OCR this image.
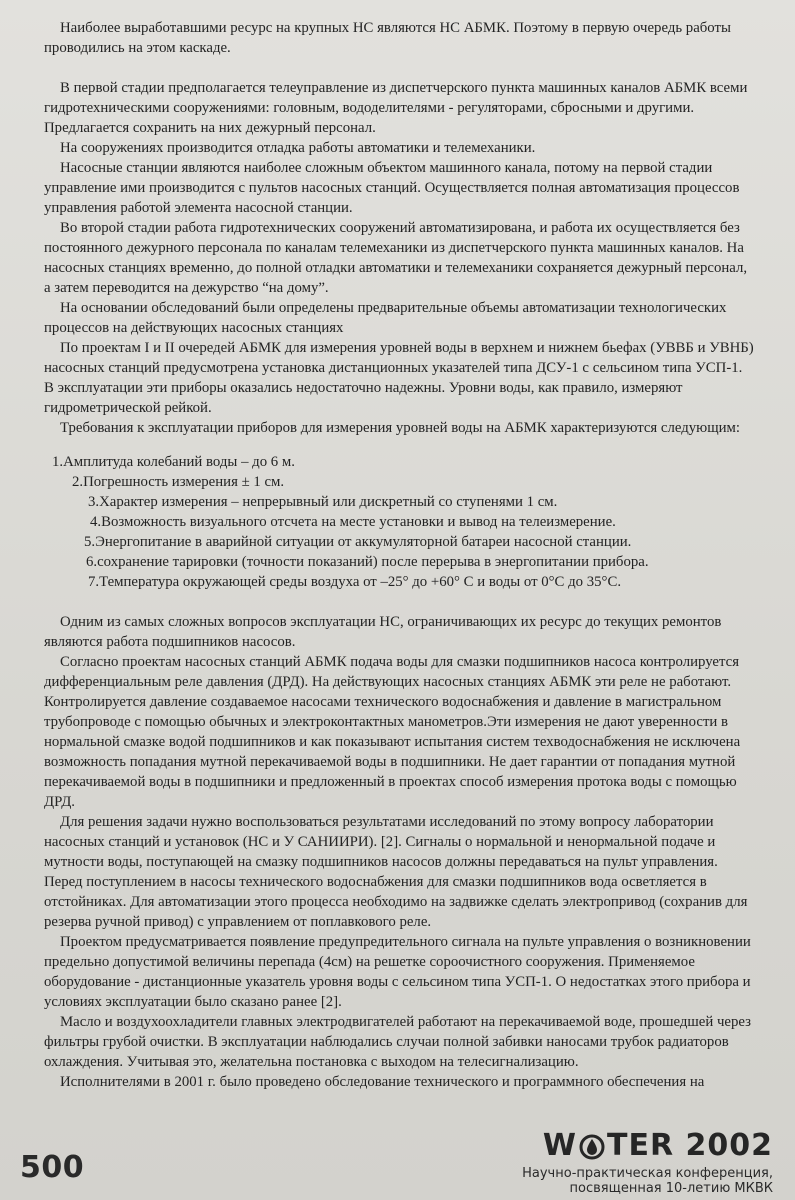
Наиболее выработавшими ресурс на крупных НС являются НС АБМК. Поэтому в первую очередь работы проводились на этом каскаде.

В первой стадии предполагается телеуправление из диспетчерского пункта машинных каналов АБМК всеми гидротехническими сооружениями: головным, вододелителями - регуляторами, сбросными и другими. Предлагается сохранить на них дежурный персонал.

На сооружениях производится отладка работы автоматики и телемеханики.

Насосные станции являются наиболее сложным объектом машинного канала, потому на первой стадии управление ими производится с пультов насосных станций. Осуществляется полная автоматизация процессов управления работой элемента насосной станции.

Во второй стадии работа гидротехнических сооружений автоматизирована, и работа их осуществляется без постоянного дежурного персонала по каналам телемеханики из диспетчерского пункта машинных каналов. На насосных станциях временно, до полной отладки автоматики и телемеханики сохраняется дежурный персонал, а затем переводится на дежурство “на дому”.

На основании обследований были определены предварительные объемы автоматизации технологических процессов на действующих насосных станциях

По проектам I и II очередей АБМК для измерения уровней воды в верхнем и нижнем бьефах (УВВБ и УВНБ) насосных станций предусмотрена установка дистанционных указателей типа ДСУ-1 с сельсином типа УСП-1. В эксплуатации эти приборы оказались недостаточно надежны. Уровни воды, как правило, измеряют гидрометрической рейкой.

Требования к эксплуатации приборов для измерения уровней воды на АБМК характеризуются следующим:

1.Амплитуда колебаний воды – до 6 м.
2.Погрешность измерения ± 1 см.
3.Характер измерения – непрерывный или дискретный со ступенями 1 см.
4.Возможность визуального отсчета на месте установки и вывод на телеизмерение.
5.Энергопитание в аварийной ситуации от аккумуляторной батареи насосной станции.
6.сохранение тарировки (точности показаний) после перерыва в энергопитании прибора.
7.Температура окружающей среды воздуха от –25° до +60° С и воды от 0°С до 35°С.

Одним из самых сложных вопросов эксплуатации НС, ограничивающих их ресурс до текущих ремонтов являются работа подшипников насосов.

Согласно проектам насосных станций АБМК подача воды для смазки подшипников насоса контролируется дифференциальным реле давления (ДРД). На действующих насосных станциях АБМК эти реле не работают. Контролируется давление создаваемое насосами технического водоснабжения и давление в магистральном трубопроводе с помощью обычных и электроконтактных манометров.Эти измерения не дают уверенности в нормальной смазке водой подшипников и как показывают испытания систем техводоснабжения не исключена возможность попадания мутной перекачиваемой воды в подшипники. Не дает гарантии от попадания мутной перекачиваемой воды в подшипники и предложенный в проектах способ измерения протока воды с помощью ДРД.

Для решения задачи нужно воспользоваться результатами исследований по этому вопросу лаборатории насосных станций и установок (НС и У САНИИРИ). [2]. Сигналы о нормальной и ненормальной подаче и мутности воды, поступающей на смазку подшипников насосов должны передаваться на пульт управления. Перед поступлением в насосы технического водоснабжения для смазки подшипников вода осветляется в отстойниках. Для автоматизации этого процесса необходимо на задвижке сделать электропривод (сохранив для резерва ручной привод) с управлением от поплавкового реле.

Проектом предусматривается появление предупредительного сигнала на пульте управления о возникновении предельно допустимой величины перепада (4см) на решетке сороочистного сооружения. Применяемое оборудование - дистанционные указатель уровня воды с сельсином типа УСП-1. О недостатках этого прибора и условиях эксплуатации было сказано ранее [2].

Масло и воздухоохладители главных электродвигателей работают на перекачиваемой воде, прошедшей через фильтры грубой очистки. В эксплуатации наблюдались случаи полной забивки наносами трубок радиаторов охлаждения. Учитывая это, желательна постановка с выходом на телесигнализацию.

Исполнителями в 2001 г. было проведено обследование технического и программного обеспечения на

500
W TER 2002
Научно-практическая конференция,
посвященная 10-летию МКВК
